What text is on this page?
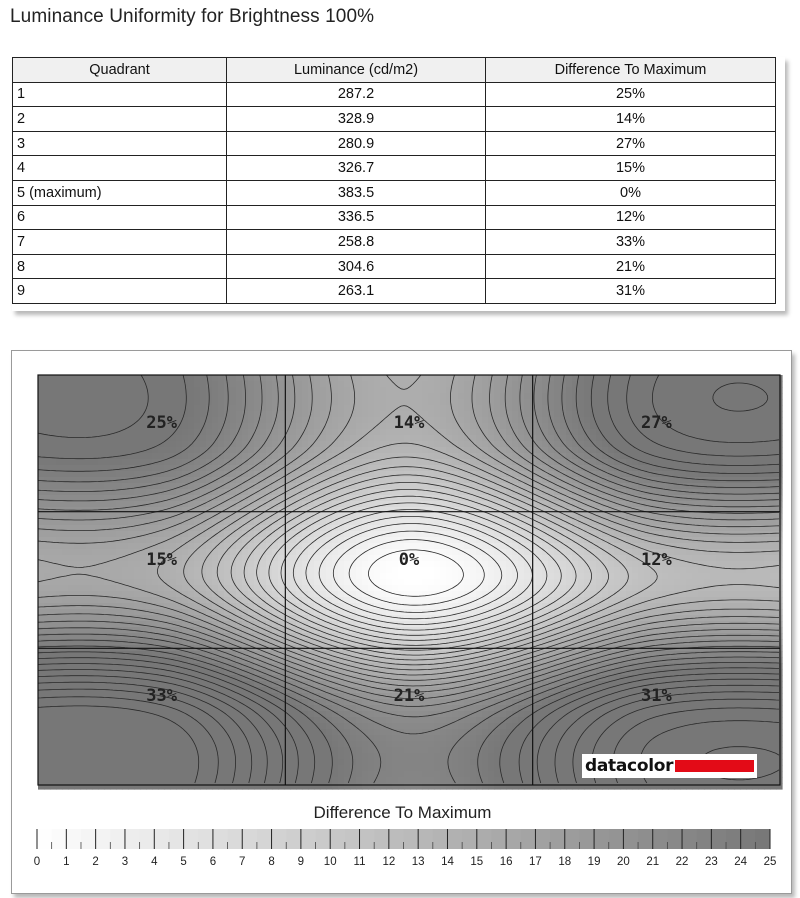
Luminance Uniformity for Brightness 100%
Quadrant	Luminance (cd/m2)	Difference To Maximum
1	287.2	25%
2	328.9	14%
3	280.9	27%
4	326.7	15%
5 (maximum)	383.5	0%
6	336.5	12%
7	258.8	33%
8	304.6	21%
9	263.1	31%
25%	14%	27%
15%	0%	12%
33%	21%	31%
0 1 2 3 4 5 6 7 8 9 10 11 12 13 14 15 16 17 18 19 20 21 22 23 24 25
datacolor
Difference To Maximum
